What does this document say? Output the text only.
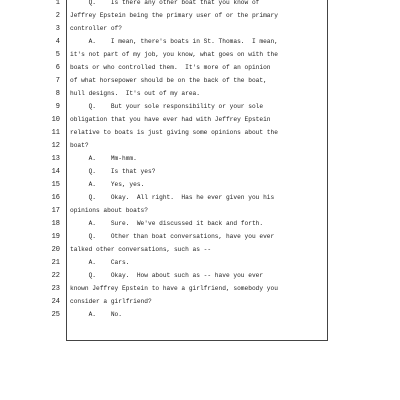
1
2
3
4
5
6
7
8
9
10
11
12
13
14
15
16
17
18
19
20
21
22
23
24
25
Q.    Is there any other boat that you know of
Jeffrey Epstein being the primary user of or the primary
controller of?
A.    I mean, there's boats in St. Thomas.  I mean,
it's not part of my job, you know, what goes on with the
boats or who controlled them.  It's more of an opinion
of what horsepower should be on the back of the boat,
hull designs.  It's out of my area.
Q.    But your sole responsibility or your sole
obligation that you have ever had with Jeffrey Epstein
relative to boats is just giving some opinions about the
boat?
A.    Mm-hmm.
Q.    Is that yes?
A.    Yes, yes.
Q.    Okay.  All right.  Has he ever given you his
opinions about boats?
A.    Sure.  We've discussed it back and forth.
Q.    Other than boat conversations, have you ever
talked other conversations, such as --
A.    Cars.
Q.    Okay.  How about such as -- have you ever
known Jeffrey Epstein to have a girlfriend, somebody you
consider a girlfriend?
A.    No.
